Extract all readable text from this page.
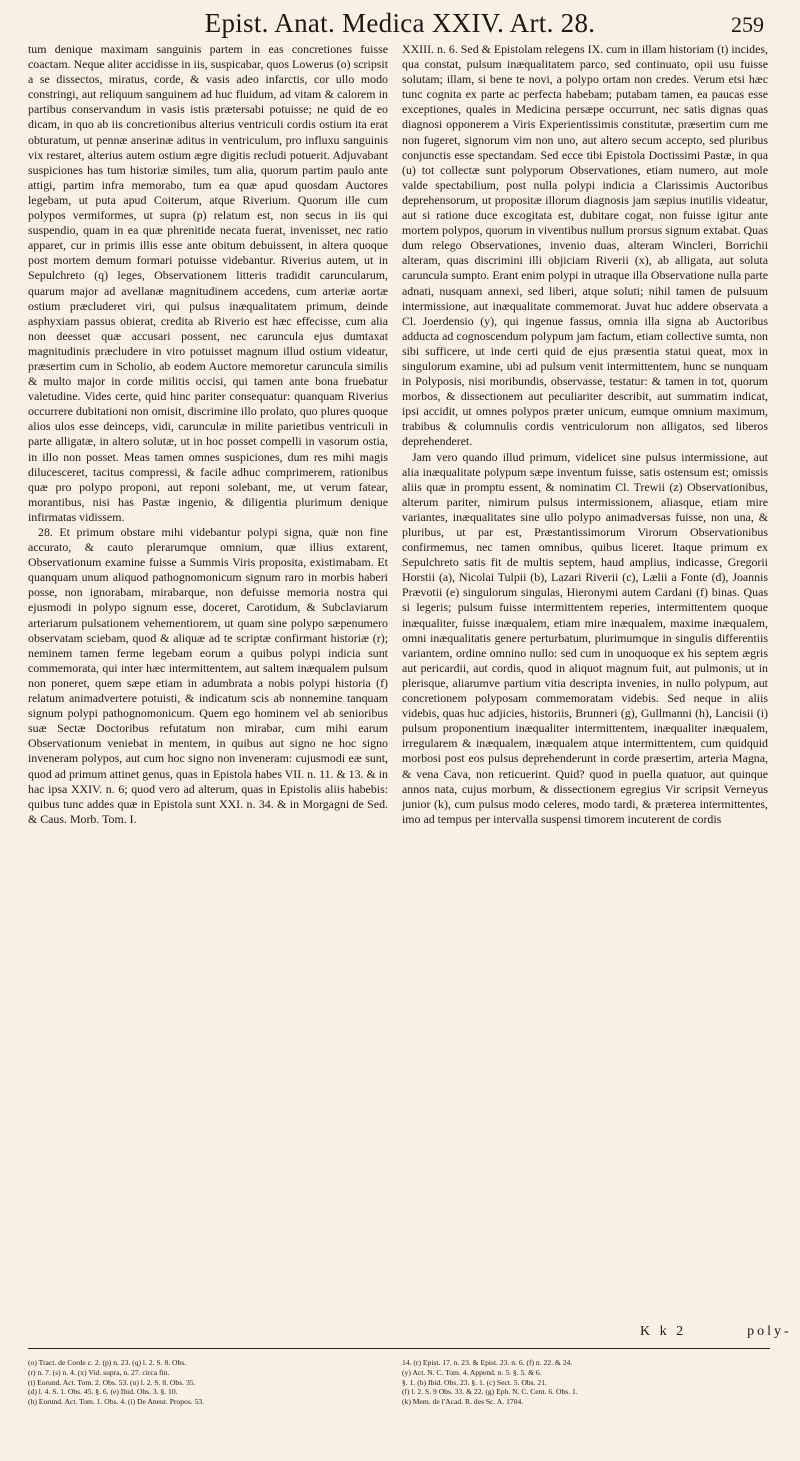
Epist. Anat. Medica XXIV. Art. 28.	259

tum denique maximam sanguinis partem in eas concretiones fuisse coactam. Neque aliter accidisse in iis, suspicabar, quos Lowerus (o) scripsit a se dissectos, miratus, corde, & vasis adeo infarctis, cor ullo modo constringi, aut reliquum sanguinem ad huc fluidum, ad vitam & calorem in partibus conservandum in vasis istis prætersabi potuisse; ne quid de eo dicam, in quo ab iis concretionibus alterius ventriculi cordis ostium ita erat obturatum, ut pennæ anserinæ aditus in ventriculum, pro influxu sanguinis vix restaret, alterius autem ostium ægre digitis recludi potuerit. Adjuvabant suspiciones has tum historiæ similes, tum alia, quorum partim paulo ante attigi, partim infra memorabo, tum ea quæ apud quosdam Auctores legebam, ut puta apud Coiterum, atque Riverium. Quorum ille cum polypos vermiformes, ut supra (p) relatum est, non secus in iis qui suspendio, quam in ea quæ phrenitide necata fuerat, invenisset, nec ratio apparet, cur in primis illis esse ante obitum debuissent, in altera quoque post mortem demum formari potuisse videbantur. Riverius autem, ut in Sepulchreto (q) leges, Observationem litteris tradidit caruncularum, quarum major ad avellanæ magnitudinem accedens, cum arteriæ aortæ ostium præcluderet viri, qui pulsus inæqualitatem primum, deinde asphyxiam passus obierat, credita ab Riverio est hæc effecisse, cum alia non deesset quæ accusari possent, nec caruncula ejus dumtaxat magnitudinis præcludere in viro potuisset magnum illud ostium videatur, præsertim cum in Scholio, ab eodem Auctore memoretur caruncula similis & multo major in corde militis occisi, qui tamen ante bona fruebatur valetudine. Vides certe, quid hinc pariter consequatur: quanquam Riverius occurrere dubitationi non omisit, discrimine illo prolato, quo plures quoque alios ulos esse deinceps, vidi, carunculæ in milite parietibus ventriculi in parte alligatæ, in altero solutæ, ut in hoc posset compelli in vasorum ostia, in illo non posset. Meas tamen omnes suspiciones, dum res mihi magis dilucesceret, tacitus compressi, & facile adhuc comprimerem, rationibus quæ pro polypo proponi, aut reponi solebant, me, ut verum fatear, morantibus, nisi has Pastæ ingenio, & diligentia plurimum denique infirmatas vidissem.

28. Et primum obstare mihi videbantur polypi signa, quæ non fine accurato, & cauto plerarumque omnium, quæ illius extarent, Observationum examine fuisse a Summis Viris proposita, existimabam. Et quanquam unum aliquod pathognomonicum signum raro in morbis haberi posse, non ignorabam, mirabarque, non defuisse memoria nostra qui ejusmodi in polypo signum esse, doceret, Carotidum, & Subclaviarum arteriarum pulsationem vehementiorem, ut quam sine polypo sæpenumero observatam sciebam, quod & aliquæ ad te scriptæ confirmant historiæ (r); neminem tamen ferme legebam eorum a quibus polypi indicia sunt commemorata, qui inter hæc intermittentem, aut saltem inæqualem pulsum non poneret, quem sæpe etiam in adumbrata a nobis polypi historia (f) relatum animadvertere potuisti, & indicatum scis ab nonnemine tanquam signum polypi pathognomonicum. Quem ego hominem vel ab senioribus suæ Sectæ Doctoribus refutatum non mirabar, cum mihi earum Observationum veniebat in mentem, in quibus aut signo ne hoc signo inveneram polypos, aut cum hoc signo non inveneram: cujusmodi eæ sunt, quod ad primum attinet genus, quas in Epistola habes VII. n. 11. & 13. & in hac ipsa XXIV. n. 6; quod vero ad alterum, quas in Epistolis aliis habebis: quibus tunc addes quæ in Epistola sunt XXI. n. 34. & in Morgagni de Sed. & Caus. Morb. Tom. I.

XXIII. n. 6. Sed & Epistolam relegens IX. cum in illam historiam (t) incides, qua constat, pulsum inæqualitatem parco, sed continuato, opii usu fuisse solutam; illam, si bene te novi, a polypo ortam non credes. Verum etsi hæc tunc cognita ex parte ac perfecta habebam; putabam tamen, ea paucas esse exceptiones, quales in Medicina persæpe occurrunt, nec satis dignas quas diagnosi opponerem a Viris Experientissimis constitutæ, præsertim cum me non fugeret, signorum vim non uno, aut altero secum accepto, sed pluribus conjunctis esse spectandam. Sed ecce tibi Epistola Doctissimi Pastæ, in qua (u) tot collectæ sunt polyporum Observationes, etiam numero, aut mole valde spectabilium, post nulla polypi indicia a Clarissimis Auctoribus deprehensorum, ut propositæ illorum diagnosis jam sæpius inutilis videatur, aut si ratione duce excogitata est, dubitare cogat, non fuisse igitur ante mortem polypos, quorum in viventibus nullum prorsus signum extabat. Quas dum relego Observationes, invenio duas, alteram Wincleri, Borrichii alteram, quas discrimini illi objiciam Riverii (x), ab alligata, aut soluta caruncula sumpto. Erant enim polypi in utraque illa Observatione nulla parte adnati, nusquam annexi, sed liberi, atque soluti; nihil tamen de pulsuum intermissione, aut inæqualitate commemorat. Juvat huc addere observata a Cl. Joerdensio (y), qui ingenue fassus, omnia illa signa ab Auctoribus adducta ad cognoscendum polypum jam factum, etiam collective sumta, non sibi sufficere, ut inde certi quid de ejus præsentia statui queat, mox in singulorum examine, ubi ad pulsum venit intermittentem, hunc se nunquam in Polyposis, nisi moribundis, observasse, testatur: & tamen in tot, quorum morbos, & dissectionem aut peculiariter describit, aut summatim indicat, ipsi accidit, ut omnes polypos præter unicum, eumque omnium maximum, trabibus & columnulis cordis ventriculorum non alligatos, sed liberos deprehenderet.

Jam vero quando illud primum, videlicet sine pulsus intermissione, aut alia inæqualitate polypum sæpe inventum fuisse, satis ostensum est; omissis aliis quæ in promptu essent, & nominatim Cl. Trewii (z) Observationibus, alterum pariter, nimirum pulsus intermissionem, aliasque, etiam mire variantes, inæqualitates sine ullo polypo animadversas fuisse, non una, & pluribus, ut par est, Præstantissimorum Virorum Observationibus confirmemus, nec tamen omnibus, quibus liceret. Itaque primum ex Sepulchreto satis fit de multis septem, haud amplius, indicasse, Gregorii Horstii (a), Nicolai Tulpii (b), Lazari Riverii (c), Lælii a Fonte (d), Joannis Prævotii (e) singulorum singulas, Hieronymi autem Cardani (f) binas. Quas si legeris; pulsum fuisse intermittentem reperies, intermittentem quoque inæqualiter, fuisse inæqualem, etiam mire inæqualem, maxime inæqualem, omni inæqualitatis genere perturbatum, plurimumque in singulis differentiis variantem, ordine omnino nullo: sed cum in unoquoque ex his septem ægris aut pericardii, aut cordis, quod in aliquot magnum fuit, aut pulmonis, ut in plerisque, aliarumve partium vitia descripta invenies, in nullo polypum, aut concretionem polyposam commemoratam videbis. Sed neque in aliis videbis, quas huc adjicies, historiis, Brunneri (g), Gullmanni (h), Lancisii (i) pulsum proponentium inæqualiter intermittentem, inæqualiter inæqualem, irregularem & inæqualem, inæqualem atque intermittentem, cum quidquid morbosi post eos pulsus deprehenderunt in corde præsertim, arteria Magna, & vena Cava, non reticuerint. Quid? quod in puella quatuor, aut quinque annos nata, cujus morbum, & dissectionem egregius Vir scripsit Verneyus junior (k), cum pulsus modo celeres, modo tardi, & præterea intermittentes, imo ad tempus per intervalla suspensi timorem incuterent de cordis

K k 2	poly-
(o) Tract. de Corde c. 2. (p) n. 23. (q) l. 2. S. 8. Obs.
(r) n. 7. (s) n. 4. (x) Vid. supra, n. 27. circa fin.
(t) Eorund. Act. Tom. 2. Obs. 53. (u) l. 2. S. 8. Obs. 35.
(d) l. 4. S. 1. Obs. 45. §. 6. (e) Ibid. Obs. 3. §. 10.
(h) Eorund. Act. Tom. 1. Obs. 4. (i) De Aneur. Propos. 53.
14. (r) Epist. 17. n. 23. & Epist. 23. n. 6. (f) n. 22. & 24.
(y) Act. N. C. Tom. 4. Append. n. 5. §. 5. & 6.
§. 1. (b) Ibid. Obs. 23. §. 1. (c) Sect. 5. Obs. 21.
(f) l. 2. S. 9 Obs. 33. & 22. (g) Eph. N. C. Cent. 6. Obs. 1.
(k) Mem. de l'Acad. R. des Sc. A. 1704.
